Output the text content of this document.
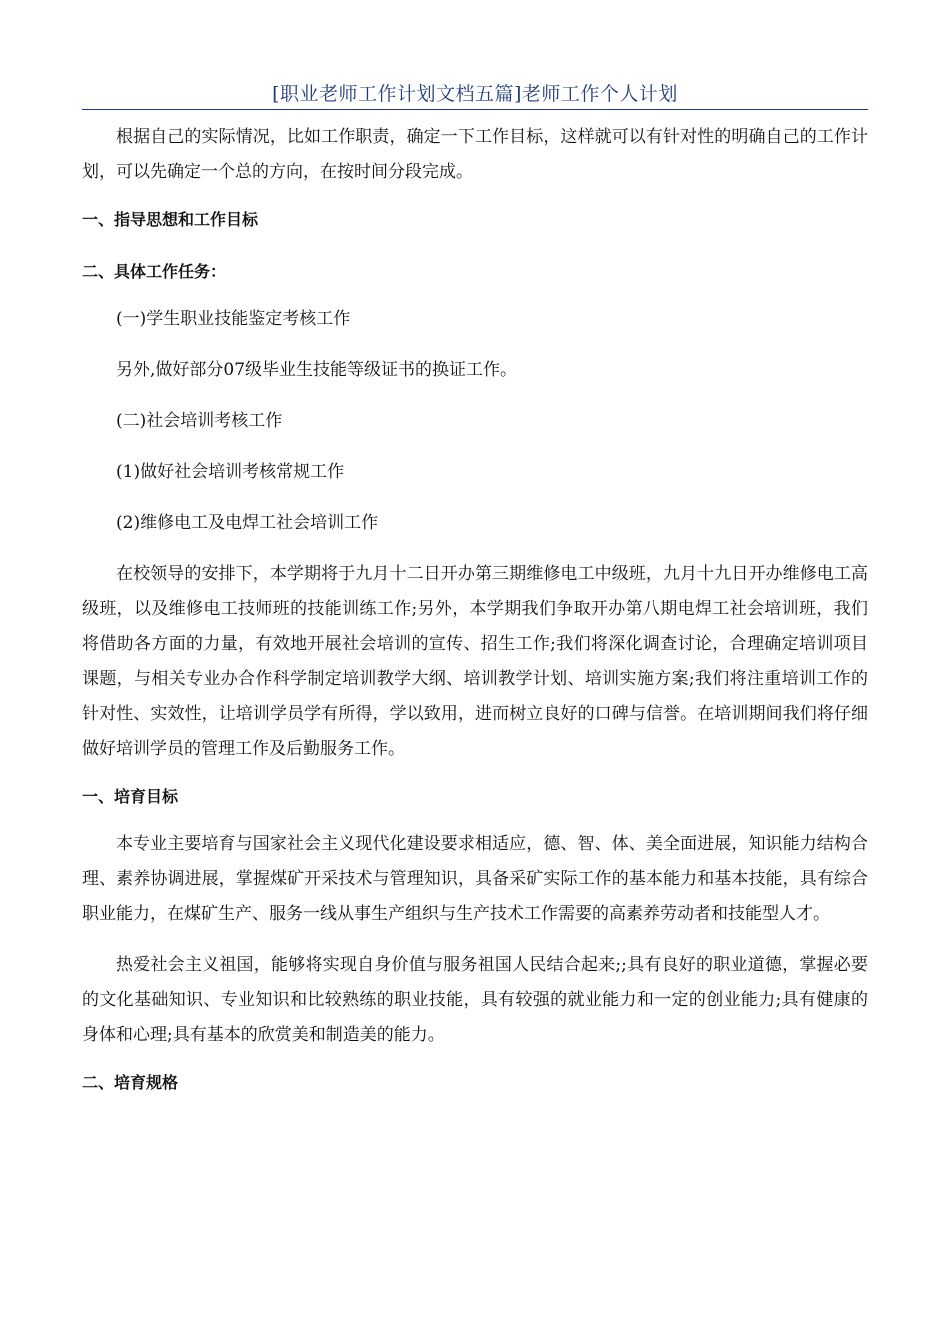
[职业老师工作计划文档五篇]老师工作个人计划

根据自己的实际情况，比如工作职责，确定一下工作目标，这样就可以有针对性的明确自己的工作计划，可以先确定一个总的方向，在按时间分段完成。

一、指导思想和工作目标

二、具体工作任务：

(一)学生职业技能鉴定考核工作

另外,做好部分07级毕业生技能等级证书的换证工作。

(二)社会培训考核工作

(1)做好社会培训考核常规工作

(2)维修电工及电焊工社会培训工作

在校领导的安排下，本学期将于九月十二日开办第三期维修电工中级班，九月十九日开办维修电工高级班，以及维修电工技师班的技能训练工作;另外，本学期我们争取开办第八期电焊工社会培训班，我们将借助各方面的力量，有效地开展社会培训的宣传、招生工作;我们将深化调查讨论，合理确定培训项目课题，与相关专业办合作科学制定培训教学大纲、培训教学计划、培训实施方案;我们将注重培训工作的针对性、实效性，让培训学员学有所得，学以致用，进而树立良好的口碑与信誉。在培训期间我们将仔细做好培训学员的管理工作及后勤服务工作。

一、培育目标

本专业主要培育与国家社会主义现代化建设要求相适应，德、智、体、美全面进展，知识能力结构合理、素养协调进展，掌握煤矿开采技术与管理知识，具备采矿实际工作的基本能力和基本技能，具有综合职业能力，在煤矿生产、服务一线从事生产组织与生产技术工作需要的高素养劳动者和技能型人才。

热爱社会主义祖国，能够将实现自身价值与服务祖国人民结合起来;;具有良好的职业道德，掌握必要的文化基础知识、专业知识和比较熟练的职业技能，具有较强的就业能力和一定的创业能力;具有健康的身体和心理;具有基本的欣赏美和制造美的能力。

二、培育规格
